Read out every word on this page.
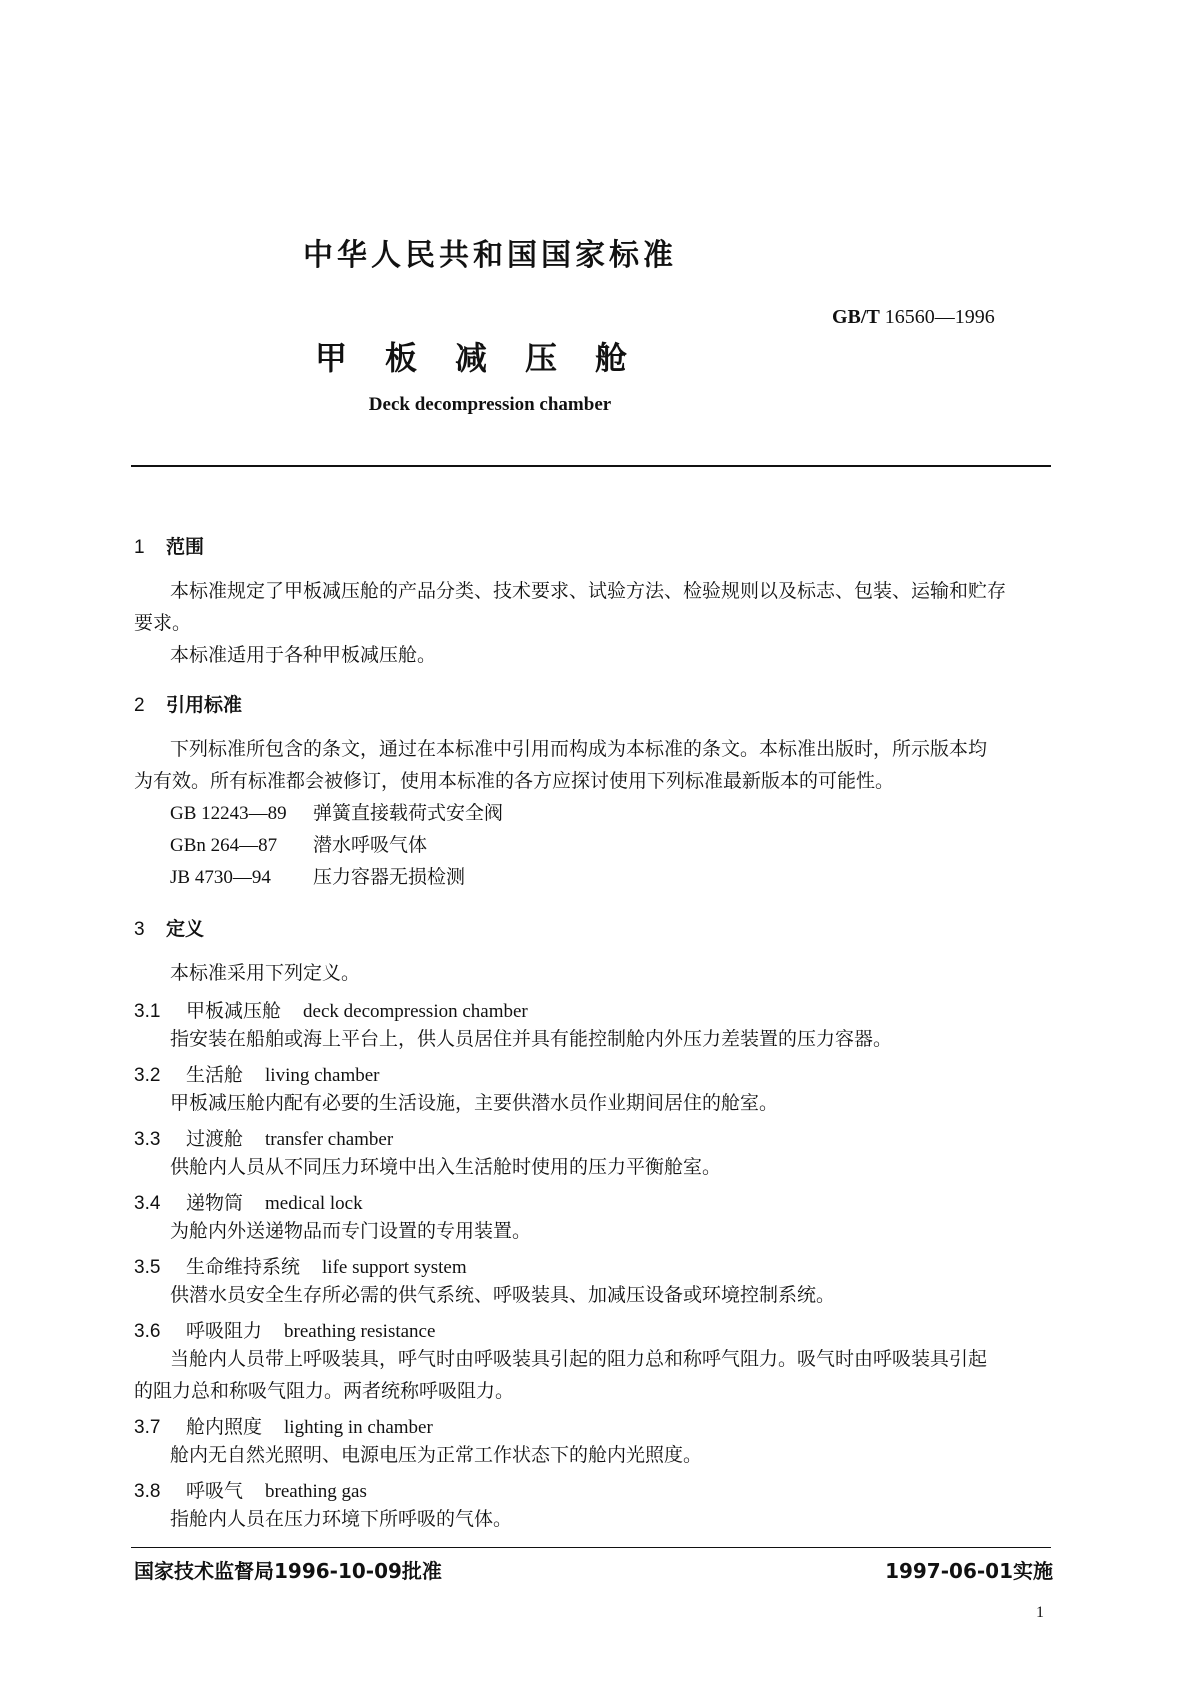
中华人民共和国国家标准
GB/T 16560—1996
甲板减压舱
Deck decompression chamber
1 范围
本标准规定了甲板减压舱的产品分类、技术要求、试验方法、检验规则以及标志、包装、运输和贮存
要求。
本标准适用于各种甲板减压舱。
2 引用标准
下列标准所包含的条文，通过在本标准中引用而构成为本标准的条文。本标准出版时，所示版本均
为有效。所有标准都会被修订，使用本标准的各方应探讨使用下列标准最新版本的可能性。
GB 12243—89 弹簧直接载荷式安全阀
GBn 264—87 潜水呼吸气体
JB 4730—94 压力容器无损检测
3 定义
本标准采用下列定义。
3.1 甲板减压舱 deck decompression chamber
指安装在船舶或海上平台上，供人员居住并具有能控制舱内外压力差装置的压力容器。
3.2 生活舱 living chamber
甲板减压舱内配有必要的生活设施，主要供潜水员作业期间居住的舱室。
3.3 过渡舱 transfer chamber
供舱内人员从不同压力环境中出入生活舱时使用的压力平衡舱室。
3.4 递物筒 medical lock
为舱内外送递物品而专门设置的专用装置。
3.5 生命维持系统 life support system
供潜水员安全生存所必需的供气系统、呼吸装具、加减压设备或环境控制系统。
3.6 呼吸阻力 breathing resistance
当舱内人员带上呼吸装具，呼气时由呼吸装具引起的阻力总和称呼气阻力。吸气时由呼吸装具引起
的阻力总和称吸气阻力。两者统称呼吸阻力。
3.7 舱内照度 lighting in chamber
舱内无自然光照明、电源电压为正常工作状态下的舱内光照度。
3.8 呼吸气 breathing gas
指舱内人员在压力环境下所呼吸的气体。
国家技术监督局1996-10-09批准	1997-06-01实施
1
